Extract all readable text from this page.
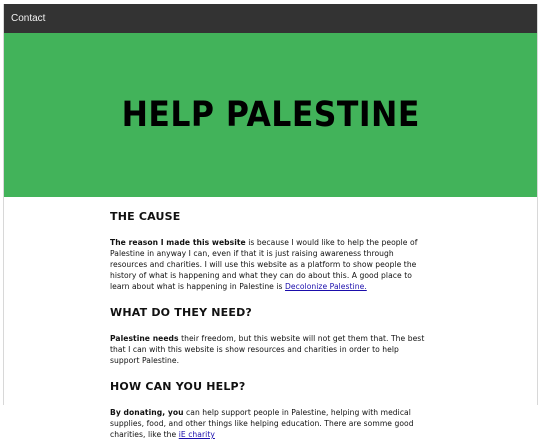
Contact
HELP PALESTINE
THE CAUSE

The reason I made this website is because I would like to help the people of Palestine in anyway I can, even if that it is just raising awareness through resources and charities. I will use this website as a platform to show people the history of what is happening and what they can do about this. A good place to learn about what is happening in Palestine is Decolonize Palestine.

WHAT DO THEY NEED?

Palestine needs their freedom, but this website will not get them that. The best that I can with this website is show resources and charities in order to help support Palestine.

HOW CAN YOU HELP?

By donating, you can help support people in Palestine, helping with medical supplies, food, and other things like helping education. There are somme good charities, like the iE charity
